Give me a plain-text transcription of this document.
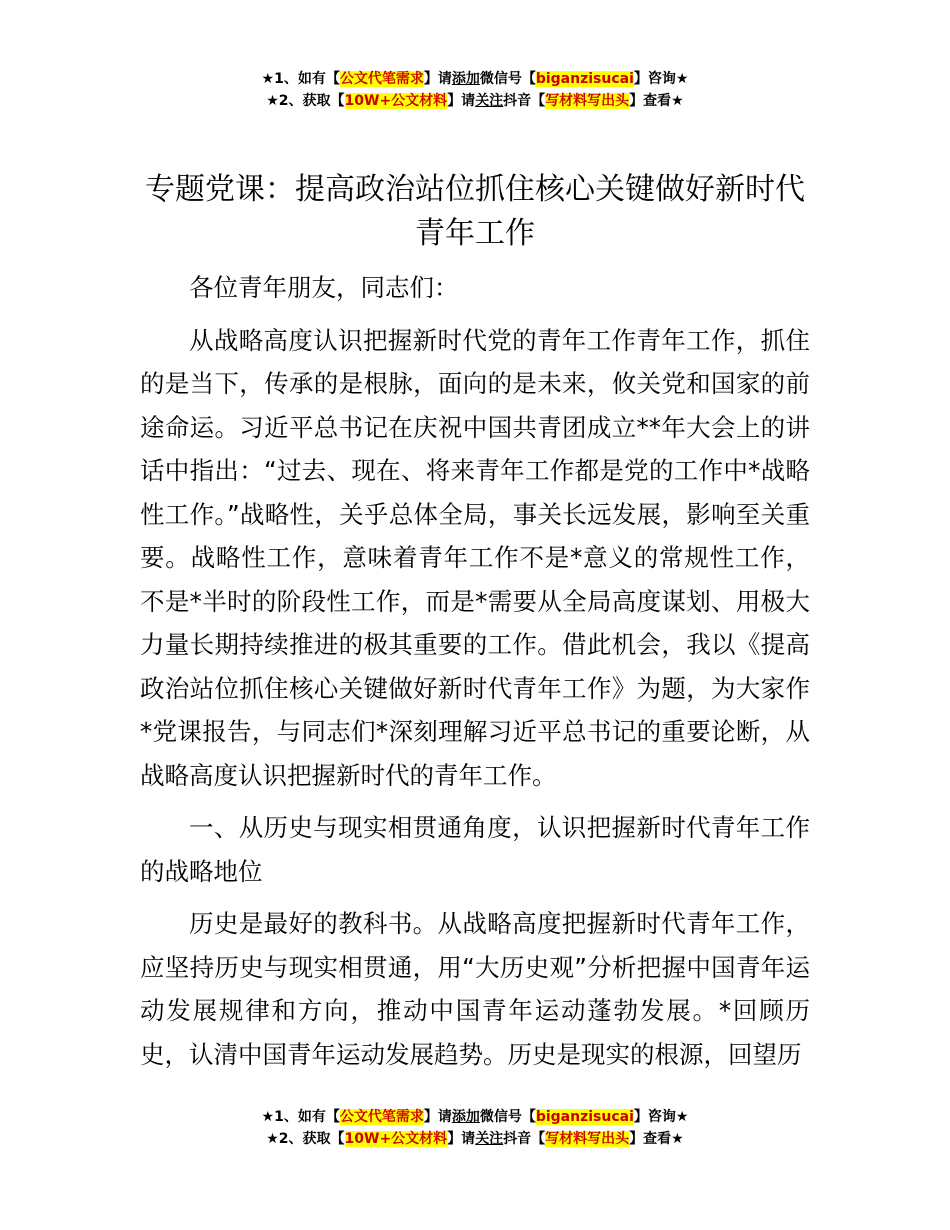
★1、如有【公文代笔需求】请添加微信号【biganzisucai】咨询★
★2、获取【10W+公文材料】请关注抖音【写材料写出头】查看★
专题党课：提高政治站位抓住核心关键做好新时代青年工作

各位青年朋友，同志们：

从战略高度认识把握新时代党的青年工作青年工作，抓住的是当下，传承的是根脉，面向的是未来，攸关党和国家的前途命运。习近平总书记在庆祝中国共青团成立**年大会上的讲话中指出：“过去、现在、将来青年工作都是党的工作中*战略性工作。”战略性，关乎总体全局，事关长远发展，影响至关重要。战略性工作，意味着青年工作不是*意义的常规性工作，不是*半时的阶段性工作，而是*需要从全局高度谋划、用极大力量长期持续推进的极其重要的工作。借此机会，我以《提高政治站位抓住核心关键做好新时代青年工作》为题，为大家作*党课报告，与同志们*深刻理解习近平总书记的重要论断，从战略高度认识把握新时代的青年工作。

一、从历史与现实相贯通角度，认识把握新时代青年工作的战略地位

历史是最好的教科书。从战略高度把握新时代青年工作，应坚持历史与现实相贯通，用“大历史观”分析把握中国青年运动发展规律和方向，推动中国青年运动蓬勃发展。*回顾历史，认清中国青年运动发展趋势。历史是现实的根源，回望历

★1、如有【公文代笔需求】请添加微信号【biganzisucai】咨询★
★2、获取【10W+公文材料】请关注抖音【写材料写出头】查看★
